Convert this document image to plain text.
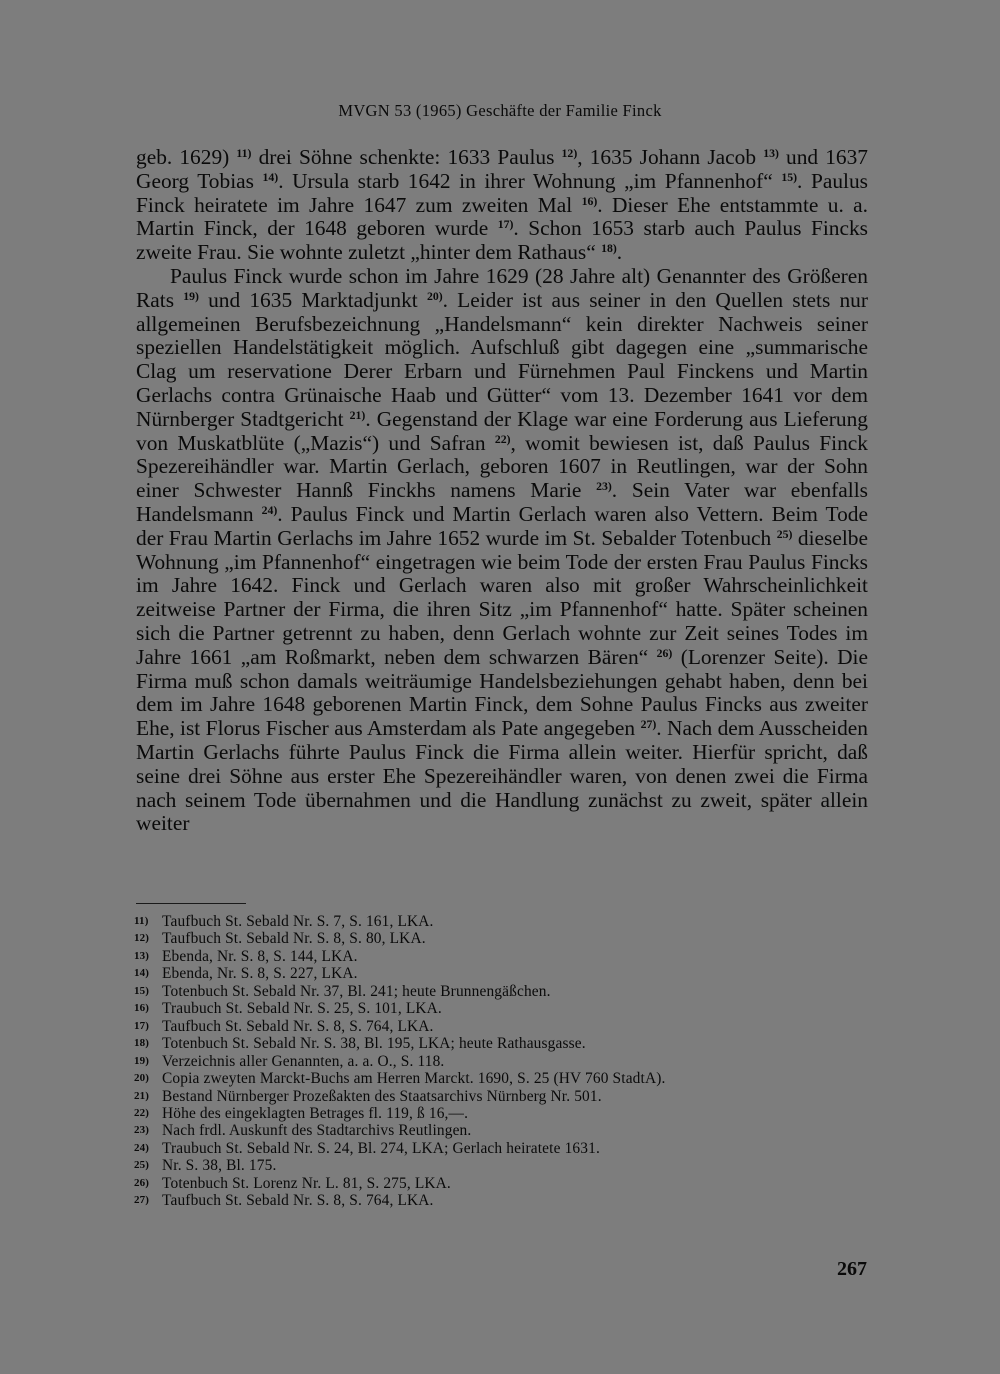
MVGN 53 (1965) Geschäfte der Familie Finck

geb. 1629) $^{11)}$ drei Söhne schenkte: 1633 Paulus $^{12)}$, 1635 Johann Jacob $^{13)}$ und 1637 Georg Tobias $^{14)}$. Ursula starb 1642 in ihrer Wohnung „im Pfannenhof“ $^{15)}$. Paulus Finck heiratete im Jahre 1647 zum zweiten Mal $^{16)}$. Dieser Ehe entstammte u. a. Martin Finck, der 1648 geboren wurde $^{17)}$. Schon 1653 starb auch Paulus Fincks zweite Frau. Sie wohnte zuletzt „hinter dem Rathaus“ $^{18)}$.

Paulus Finck wurde schon im Jahre 1629 (28 Jahre alt) Genannter des Größeren Rats $^{19)}$ und 1635 Marktadjunkt $^{20)}$. Leider ist aus seiner in den Quellen stets nur allgemeinen Berufsbezeichnung „Handelsmann“ kein direkter Nachweis seiner speziellen Handelstätigkeit möglich. Aufschluß gibt dagegen eine „summarische Clag um reservatione Derer Erbarn und Fürnehmen Paul Finckens und Martin Gerlachs contra Grünaische Haab und Gütter“ vom 13. Dezember 1641 vor dem Nürnberger Stadtgericht $^{21)}$. Gegenstand der Klage war eine Forderung aus Lieferung von Muskatblüte („Mazis“) und Safran $^{22)}$, womit bewiesen ist, daß Paulus Finck Spezereihändler war. Martin Gerlach, geboren 1607 in Reutlingen, war der Sohn einer Schwester Hannß Finckhs namens Marie $^{23)}$. Sein Vater war ebenfalls Handelsmann $^{24)}$. Paulus Finck und Martin Gerlach waren also Vettern. Beim Tode der Frau Martin Gerlachs im Jahre 1652 wurde im St. Sebalder Totenbuch $^{25)}$ dieselbe Wohnung „im Pfannenhof“ eingetragen wie beim Tode der ersten Frau Paulus Fincks im Jahre 1642. Finck und Gerlach waren also mit großer Wahrscheinlichkeit zeitweise Partner der Firma, die ihren Sitz „im Pfannenhof“ hatte. Später scheinen sich die Partner getrennt zu haben, denn Gerlach wohnte zur Zeit seines Todes im Jahre 1661 „am Roßmarkt, neben dem schwarzen Bären“ $^{26)}$ (Lorenzer Seite). Die Firma muß schon damals weiträumige Handelsbeziehungen gehabt haben, denn bei dem im Jahre 1648 geborenen Martin Finck, dem Sohne Paulus Fincks aus zweiter Ehe, ist Florus Fischer aus Amsterdam als Pate angegeben $^{27)}$. Nach dem Ausscheiden Martin Gerlachs führte Paulus Finck die Firma allein weiter. Hierfür spricht, daß seine drei Söhne aus erster Ehe Spezereihändler waren, von denen zwei die Firma nach seinem Tode übernahmen und die Handlung zunächst zu zweit, später allein weiter

11) Taufbuch St. Sebald Nr. S. 7, S. 161, LKA.
12) Taufbuch St. Sebald Nr. S. 8, S. 80, LKA.
13) Ebenda, Nr. S. 8, S. 144, LKA.
14) Ebenda, Nr. S. 8, S. 227, LKA.
15) Totenbuch St. Sebald Nr. 37, Bl. 241; heute Brunnengäßchen.
16) Traubuch St. Sebald Nr. S. 25, S. 101, LKA.
17) Taufbuch St. Sebald Nr. S. 8, S. 764, LKA.
18) Totenbuch St. Sebald Nr. S. 38, Bl. 195, LKA; heute Rathausgasse.
19) Verzeichnis aller Genannten, a. a. O., S. 118.
20) Copia zweyten Marckt-Buchs am Herren Marckt. 1690, S. 25 (HV 760 StadtA).
21) Bestand Nürnberger Prozeßakten des Staatsarchivs Nürnberg Nr. 501.
22) Höhe des eingeklagten Betrages fl. 119, ß 16,—.
23) Nach frdl. Auskunft des Stadtarchivs Reutlingen.
24) Traubuch St. Sebald Nr. S. 24, Bl. 274, LKA; Gerlach heiratete 1631.
25) Nr. S. 38, Bl. 175.
26) Totenbuch St. Lorenz Nr. L. 81, S. 275, LKA.
27) Taufbuch St. Sebald Nr. S. 8, S. 764, LKA.
267
